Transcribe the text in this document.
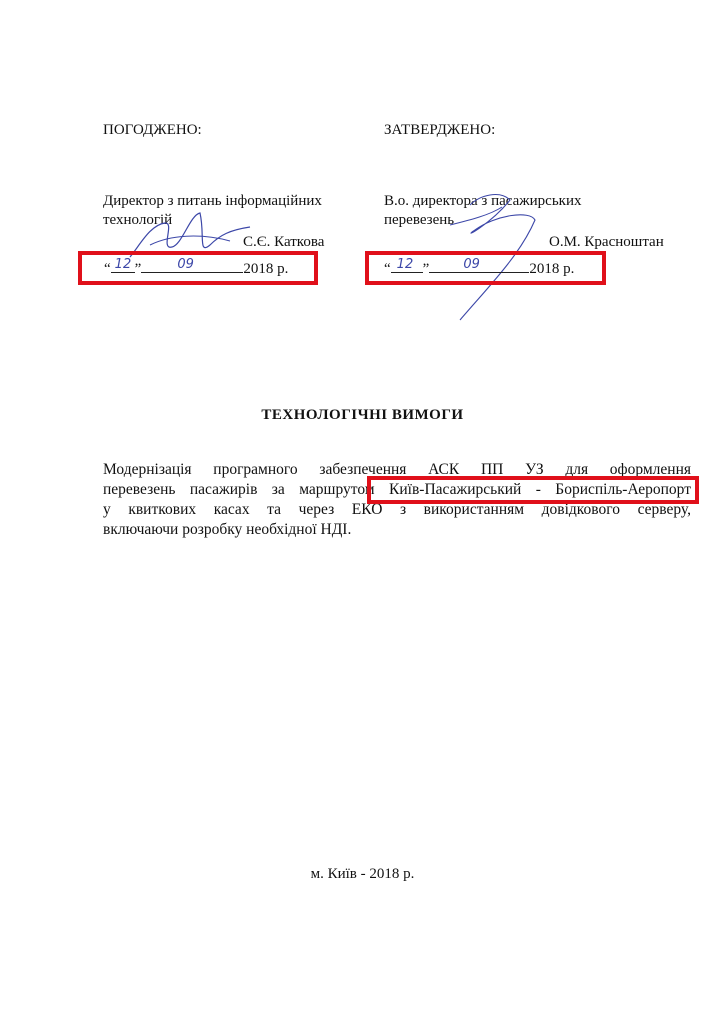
ПОГОДЖЕНО:
Директор з питань інформаційних
технологій
С.Є. Каткова
“ 12 ”	09	2018 р.
ЗАТВЕРДЖЕНО:
В.о. директора з пасажирських
перевезень
О.М. Красноштан
“ 12 ”	09	2018 р.
ТЕХНОЛОГІЧНІ ВИМОГИ
Модернізація програмного забезпечення АСК ПП УЗ для оформлення
перевезень пасажирів за маршрутом Київ-Пасажирський - Бориспіль-Аеропорт
у квиткових касах та через ЕКО з використанням довідкового серверу,
включаючи розробку необхідної НДІ.
м. Київ - 2018 р.
